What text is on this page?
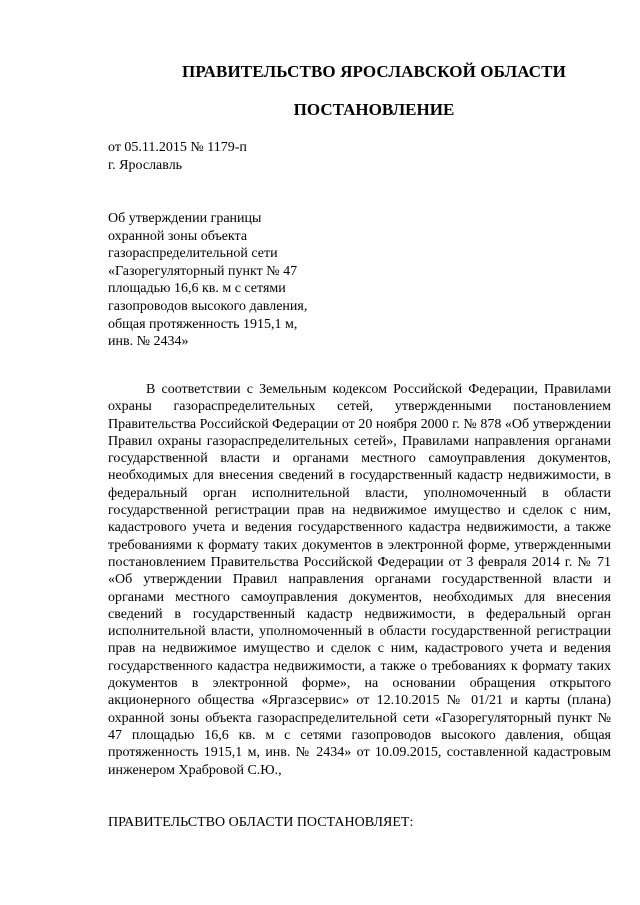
ПРАВИТЕЛЬСТВО ЯРОСЛАВСКОЙ ОБЛАСТИ
ПОСТАНОВЛЕНИЕ
от 05.11.2015 № 1179-п
г. Ярославль
Об утверждении границы
охранной зоны объекта
газораспределительной сети
«Газорегуляторный пункт № 47
площадью 16,6 кв. м с сетями
газопроводов высокого давления,
общая протяженность 1915,1 м,
инв. № 2434»
В соответствии с Земельным кодексом Российской Федерации, Правилами охраны газораспределительных сетей, утвержденными постановлением Правительства Российской Федерации от 20 ноября 2000 г. № 878 «Об утверждении Правил охраны газораспределительных сетей», Правилами направления органами государственной власти и органами местного самоуправления документов, необходимых для внесения сведений в государственный кадастр недвижимости, в федеральный орган исполнительной власти, уполномоченный в области государственной регистрации прав на недвижимое имущество и сделок с ним, кадастрового учета и ведения государственного кадастра недвижимости, а также требованиями к формату таких документов в электронной форме, утвержденными постановлением Правительства Российской Федерации от 3 февраля 2014 г. № 71 «Об утверждении Правил направления органами государственной власти и органами местного самоуправления документов, необходимых для внесения сведений в государственный кадастр недвижимости, в федеральный орган исполнительной власти, уполномоченный в области государственной регистрации прав на недвижимое имущество и сделок с ним, кадастрового учета и ведения государственного кадастра недвижимости, а также о требованиях к формату таких документов в электронной форме», на основании обращения открытого акционерного общества «Яргазсервис» от 12.10.2015 № 01/21 и карты (плана) охранной зоны объекта газораспределительной сети «Газорегуляторный пункт № 47 площадью 16,6 кв. м с сетями газопроводов высокого давления, общая протяженность 1915,1 м, инв. № 2434» от 10.09.2015, составленной кадастровым инженером Храбровой С.Ю.,
ПРАВИТЕЛЬСТВО ОБЛАСТИ ПОСТАНОВЛЯЕТ:
